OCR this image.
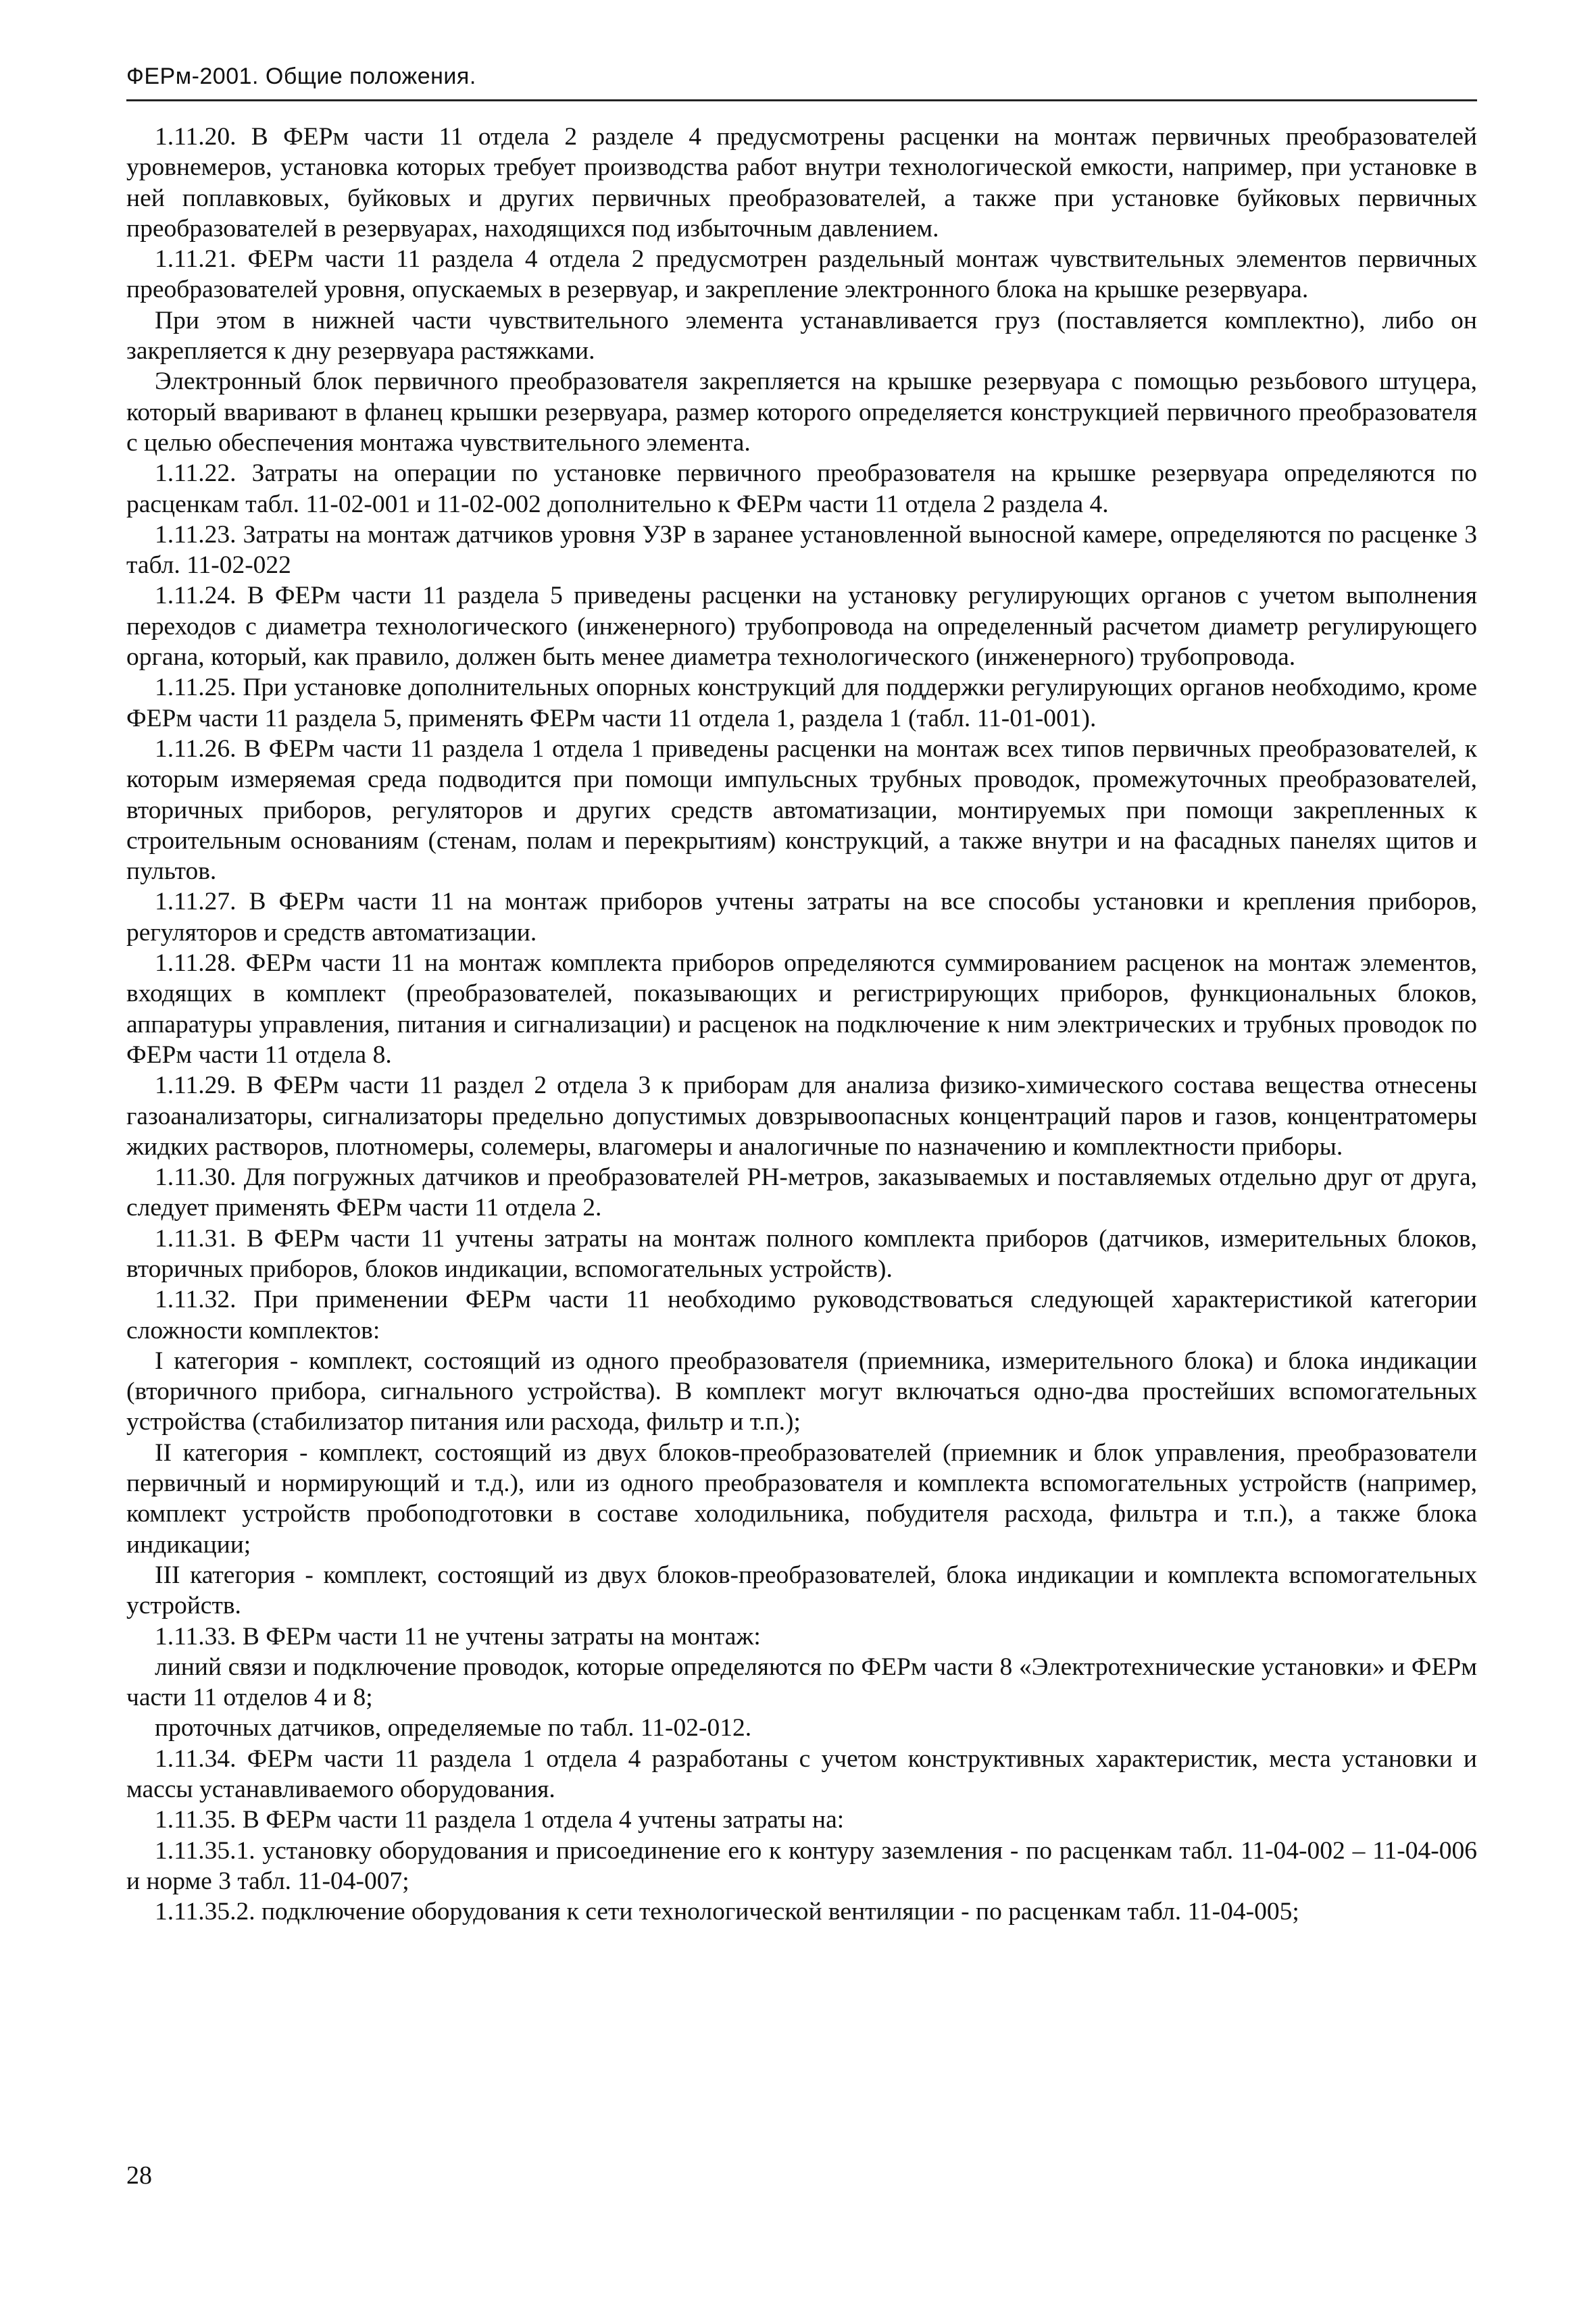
ФЕРм-2001. Общие положения.

1.11.20. В ФЕРм части 11 отдела 2 разделе 4 предусмотрены расценки на монтаж первичных преобразователей уровнемеров, установка которых требует производства работ внутри технологической емкости, например, при установке в ней поплавковых, буйковых и других первичных преобразователей, а также при установке буйковых первичных преобразователей в резервуарах, находящихся под избыточным давлением.

1.11.21. ФЕРм части 11 раздела 4 отдела 2 предусмотрен раздельный монтаж чувствительных элементов первичных преобразователей уровня, опускаемых в резервуар, и закрепление электронного блока на крышке резервуара.

При этом в нижней части чувствительного элемента устанавливается груз (поставляется комплектно), либо он закрепляется к дну резервуара растяжками.

Электронный блок первичного преобразователя закрепляется на крышке резервуара с помощью резьбового штуцера, который вваривают в фланец крышки резервуара, размер которого определяется конструкцией первичного преобразователя с целью обеспечения монтажа чувствительного элемента.

1.11.22. Затраты на операции по установке первичного преобразователя на крышке резервуара определяются по расценкам табл. 11-02-001 и 11-02-002 дополнительно к ФЕРм части 11 отдела 2 раздела 4.

1.11.23. Затраты на монтаж датчиков уровня УЗР в заранее установленной выносной камере, определяются по расценке 3 табл. 11-02-022

1.11.24. В ФЕРм части 11 раздела 5 приведены расценки на установку регулирующих органов с учетом выполнения переходов с диаметра технологического (инженерного) трубопровода на определенный расчетом диаметр регулирующего органа, который, как правило, должен быть менее диаметра технологического (инженерного) трубопровода.

1.11.25. При установке дополнительных опорных конструкций для поддержки регулирующих органов необходимо, кроме ФЕРм части 11 раздела 5, применять ФЕРм части 11 отдела 1, раздела 1 (табл. 11-01-001).

1.11.26. В ФЕРм части 11 раздела 1 отдела 1 приведены расценки на монтаж всех типов первичных преобразователей, к которым измеряемая среда подводится при помощи импульсных трубных проводок, промежуточных преобразователей, вторичных приборов, регуляторов и других средств автоматизации, монтируемых при помощи закрепленных к строительным основаниям (стенам, полам и перекрытиям) конструкций, а также внутри и на фасадных панелях щитов и пультов.

1.11.27. В ФЕРм части 11 на монтаж приборов учтены затраты на все способы установки и крепления приборов, регуляторов и средств автоматизации.

1.11.28. ФЕРм части 11 на монтаж комплекта приборов определяются суммированием расценок на монтаж элементов, входящих в комплект (преобразователей, показывающих и регистрирующих приборов, функциональных блоков, аппаратуры управления, питания и сигнализации) и расценок на подключение к ним электрических и трубных проводок по ФЕРм части 11 отдела 8.

1.11.29. В ФЕРм части 11 раздел 2 отдела 3 к приборам для анализа физико-химического состава вещества отнесены газоанализаторы, сигнализаторы предельно допустимых довзрывоопасных концентраций паров и газов, концентратомеры жидких растворов, плотномеры, солемеры, влагомеры и аналогичные по назначению и комплектности приборы.

1.11.30. Для погружных датчиков и преобразователей РН-метров, заказываемых и поставляемых отдельно друг от друга, следует применять ФЕРм части 11 отдела 2.

1.11.31. В ФЕРм части 11 учтены затраты на монтаж полного комплекта приборов (датчиков, измерительных блоков, вторичных приборов, блоков индикации, вспомогательных устройств).

1.11.32. При применении ФЕРм части 11 необходимо руководствоваться следующей характеристикой категории сложности комплектов:

I категория - комплект, состоящий из одного преобразователя (приемника, измерительного блока) и блока индикации (вторичного прибора, сигнального устройства). В комплект могут включаться одно-два простейших вспомогательных устройства (стабилизатор питания или расхода, фильтр и т.п.);

II категория - комплект, состоящий из двух блоков-преобразователей (приемник и блок управления, преобразователи первичный и нормирующий и т.д.), или из одного преобразователя и комплекта вспомогательных устройств (например, комплект устройств пробоподготовки в составе холодильника, побудителя расхода, фильтра и т.п.), а также блока индикации;

III категория - комплект, состоящий из двух блоков-преобразователей, блока индикации и комплекта вспомогательных устройств.

1.11.33. В ФЕРм части 11 не учтены затраты на монтаж:

линий связи и подключение проводок, которые определяются по ФЕРм части 8 «Электротехнические установки» и ФЕРм части 11 отделов 4 и 8;

проточных датчиков, определяемые по табл. 11-02-012.

1.11.34. ФЕРм части 11 раздела 1 отдела 4 разработаны с учетом конструктивных характеристик, места установки и массы устанавливаемого оборудования.

1.11.35. В ФЕРм части 11 раздела 1 отдела 4 учтены затраты на:

1.11.35.1. установку оборудования и присоединение его к контуру заземления - по расценкам табл. 11-04-002 – 11-04-006 и норме 3 табл. 11-04-007;

1.11.35.2. подключение оборудования к сети технологической вентиляции - по расценкам табл. 11-04-005;

28
